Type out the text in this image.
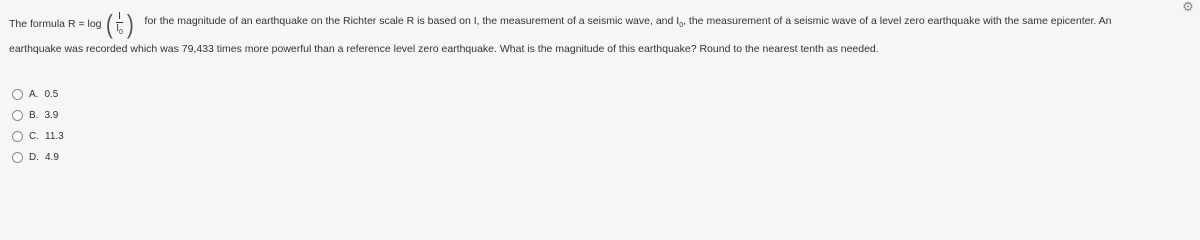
The formula R = log ( $\frac{I}{I_0}$ ) for the magnitude of an earthquake on the Richter scale R is based on I, the measurement of a seismic wave, and $I_0$, the measurement of a seismic wave of a level zero earthquake with the same epicenter. An
earthquake was recorded which was 79,433 times more powerful than a reference level zero earthquake. What is the magnitude of this earthquake? Round to the nearest tenth as needed.
A. 0.5
B. 3.9
C. 11.3
D. 4.9
⚙
